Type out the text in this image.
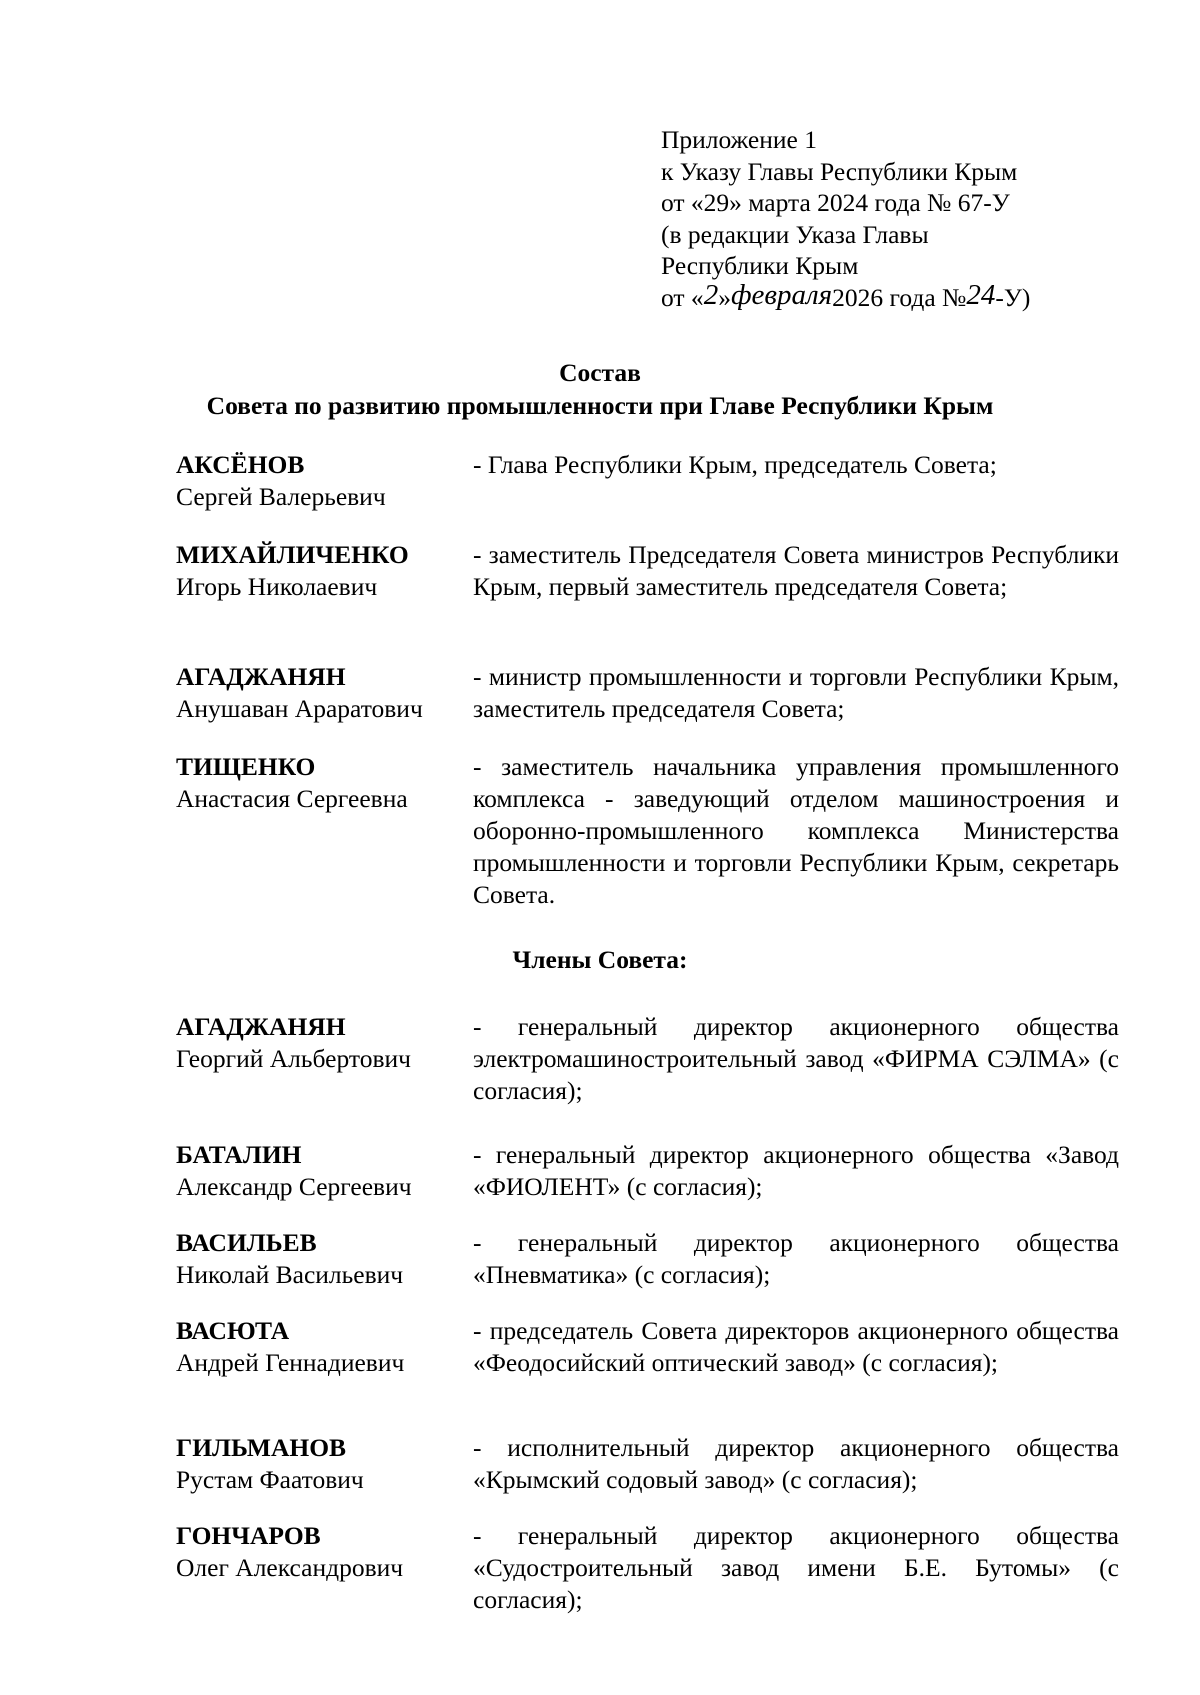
Приложение 1
к Указу Главы Республики Крым
от «29» марта 2024 года № 67-У
(в редакции Указа Главы
Республики Крым
от «2»февраля2026 года №24-У)
Состав
Совета по развитию промышленности при Главе Республики Крым
АКСЁНОВ
Сергей Валерьевич
- Глава Республики Крым, председатель Совета;
МИХАЙЛИЧЕНКО
Игорь Николаевич
- заместитель Председателя Совета министров Республики Крым, первый заместитель председателя Совета;
АГАДЖАНЯН
Анушаван Араратович
- министр промышленности и торговли Республики Крым, заместитель председателя Совета;
ТИЩЕНКО
Анастасия Сергеевна
- заместитель начальника управления промышленного комплекса - заведующий отделом машиностроения и оборонно-промышленного комплекса Министерства промышленности и торговли Республики Крым, секретарь Совета.
Члены Совета:
АГАДЖАНЯН
Георгий Альбертович
- генеральный директор акционерного общества электромашиностроительный завод «ФИРМА СЭЛМА» (с согласия);
БАТАЛИН
Александр Сергеевич
- генеральный директор акционерного общества «Завод «ФИОЛЕНТ» (с согласия);
ВАСИЛЬЕВ
Николай Васильевич
- генеральный директор акционерного общества «Пневматика» (с согласия);
ВАСЮТА
Андрей Геннадиевич
- председатель Совета директоров акционерного общества «Феодосийский оптический завод» (с согласия);
ГИЛЬМАНОВ
Рустам Фаатович
- исполнительный директор акционерного общества «Крымский содовый завод» (с согласия);
ГОНЧАРОВ
Олег Александрович
- генеральный директор акционерного общества «Судостроительный завод имени Б.Е. Бутомы» (с согласия);
